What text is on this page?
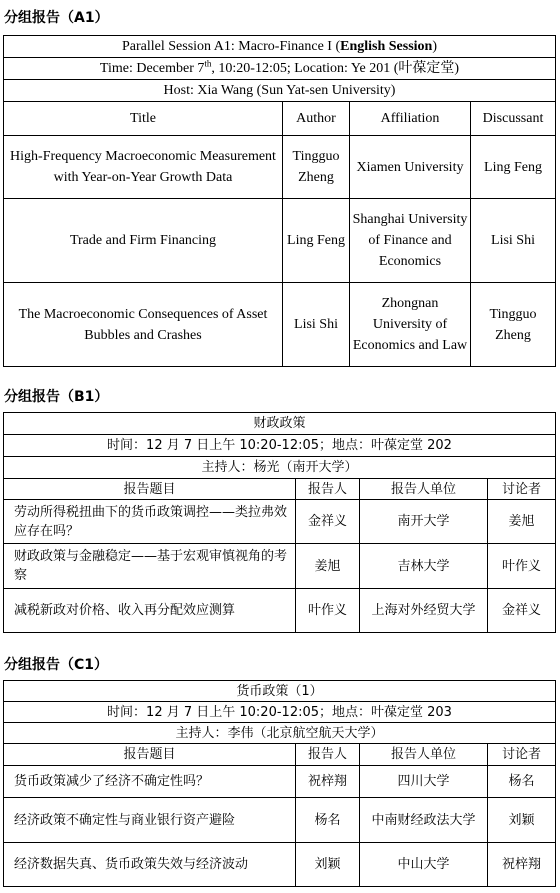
分组报告（A1）
Parallel Session A1: Macro-Finance I (English Session)			
Time: December 7th, 10:20-12:05; Location: Ye 201 (叶葆定堂)			
Host: Xia Wang (Sun Yat-sen University)			
Title	Author	Affiliation	Discussant
High-Frequency Macroeconomic Measurement with Year-on-Year Growth Data	Tingguo Zheng	Xiamen University	Ling Feng
Trade and Firm Financing	Ling Feng	Shanghai University of Finance and Economics	Lisi Shi
The Macroeconomic Consequences of Asset Bubbles and Crashes	Lisi Shi	Zhongnan University of Economics and Law	Tingguo Zheng
分组报告（B1）
财政政策			
时间：12 月 7 日上午 10:20-12:05；地点：叶葆定堂 202			
主持人：杨光（南开大学）			
报告题目	报告人	报告人单位	讨论者
劳动所得税扭曲下的货币政策调控——类拉弗效应存在吗？	金祥义	南开大学	姜旭
财政政策与金融稳定——基于宏观审慎视角的考察	姜旭	吉林大学	叶作义
减税新政对价格、收入再分配效应测算	叶作义	上海对外经贸大学	金祥义
分组报告（C1）
货币政策（1）			
时间：12 月 7 日上午 10:20-12:05；地点：叶葆定堂 203			
主持人：李伟（北京航空航天大学）			
报告题目	报告人	报告人单位	讨论者
货币政策减少了经济不确定性吗？	祝梓翔	四川大学	杨名
经济政策不确定性与商业银行资产避险	杨名	中南财经政法大学	刘颖
经济数据失真、货币政策失效与经济波动	刘颖	中山大学	祝梓翔
